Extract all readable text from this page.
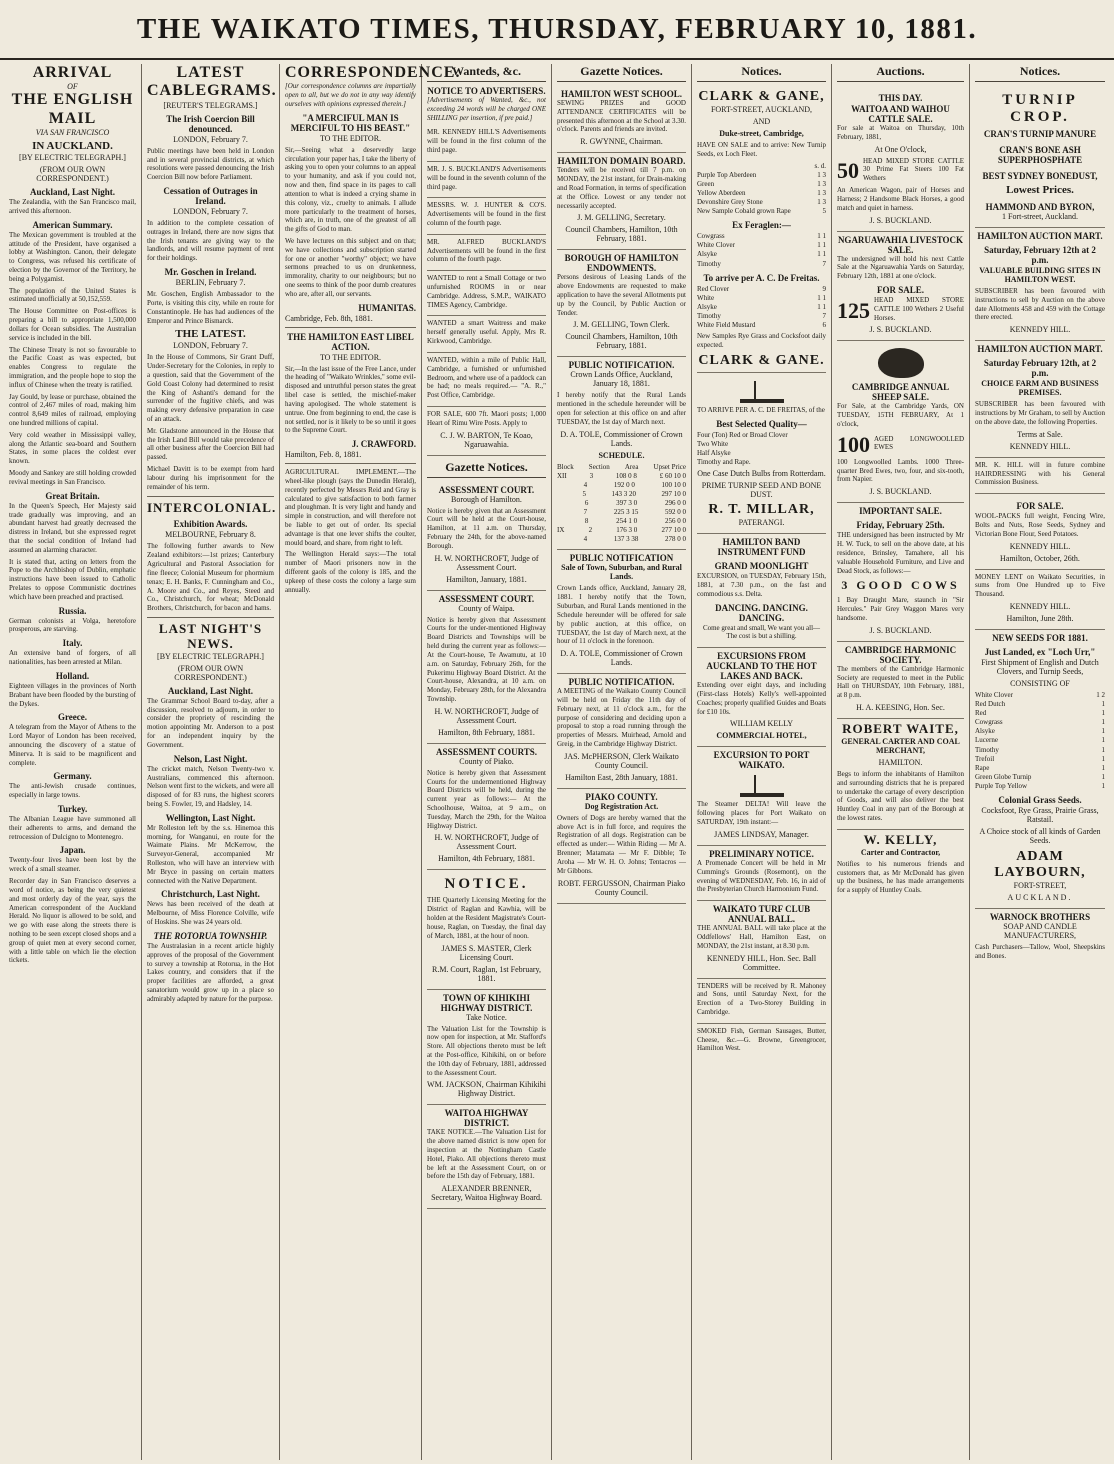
THE WAIKATO TIMES, THURSDAY, FEBRUARY 10, 1881.
ARRIVAL
OF
THE ENGLISH MAIL
VIA SAN FRANCISCO
IN AUCKLAND.
[BY ELECTRIC TELEGRAPH.]
(FROM OUR OWN CORRESPONDENT.)
Auckland, Last Night.

The Zealandia, with the San Francisco mail, arrived this afternoon.

American Summary.

The Mexican government is troubled at the attitude of the President, have organised a lobby at Washington. Canon, their delegate to Congress, was refused his certificate of election by the Governor of the Territory, he being a Polygamist.

The population of the United States is estimated unofficially at 50,152,559.

The House Committee on Post-offices is preparing a bill to appropriate 1,500,000 dollars for Ocean subsidies. The Australian service is included in the bill.

The Chinese Treaty is not so favourable to the Pacific Coast as was expected, but enables Congress to regulate the immigration, and the people hope to stop the influx of Chinese when the treaty is ratified.

Jay Gould, by lease or purchase, obtained the control of 2,467 miles of road, making him control 8,649 miles of railroad, employing one hundred millions of capital.

Very cold weather in Mississippi valley, along the Atlantic sea-board and Southern States, in some places the coldest ever known.

Moody and Sankey are still holding crowded revival meetings in San Francisco.

Great Britain.

In the Queen's Speech, Her Majesty said trade gradually was improving, and an abundant harvest had greatly decreased the distress in Ireland, but she expressed regret that the social condition of Ireland had assumed an alarming character.

It is stated that, acting on letters from the Pope to the Archbishop of Dublin, emphatic instructions have been issued to Catholic Prelates to oppose Communistic doctrines which have been preached and practised.

Russia.

German colonists at Volga, heretofore prosperous, are starving.

Italy.

An extensive band of forgers, of all nationalities, has been arrested at Milan.

Holland.

Eighteen villages in the provinces of North Brabant have been flooded by the bursting of the Dykes.

Greece.

A telegram from the Mayor of Athens to the Lord Mayor of London has been received, announcing the discovery of a statue of Minerva. It is said to be magnificent and complete.

Germany.

The anti-Jewish crusade continues, especially in large towns.

Turkey.

The Albanian League have summoned all their adherents to arms, and demand the retrocession of Dulcigno to Montenegro.

Japan.

Twenty-four lives have been lost by the wreck of a small steamer.

Recorder day in San Francisco deserves a word of notice, as being the very quietest and most orderly day of the year, says the American correspondent of the Auckland Herald. No liquor is allowed to be sold, and we go with ease along the streets there is nothing to be seen except closed shops and a group of quiet men at every second corner, with a little table on which lie the election tickets.

LATEST CABLEGRAMS.
[REUTER'S TELEGRAMS.]
The Irish Coercion Bill denounced.
LONDON, February 7.

Public meetings have been held in London and in several provincial districts, at which resolutions were passed denouncing the Irish Coercion Bill now before Parliament.

Cessation of Outrages in Ireland.
LONDON, February 7.

In addition to the complete cessation of outrages in Ireland, there are now signs that the Irish tenants are giving way to the landlords, and will resume payment of rent for their holdings.

Mr. Goschen in Ireland.
BERLIN, February 7.

Mr. Goschen, English Ambassador to the Porte, is visiting this city, while en route for Constantinople. He has had audiences of the Emperor and Prince Bismarck.

THE LATEST.
LONDON, February 7.

In the House of Commons, Sir Grant Duff, Under-Secretary for the Colonies, in reply to a question, said that the Government of the Gold Coast Colony had determined to resist the King of Ashanti's demand for the surrender of the fugitive chiefs, and was making every defensive preparation in case of an attack.

Mr. Gladstone announced in the House that the Irish Land Bill would take precedence of all other business after the Coercion Bill had passed.

Michael Davitt is to be exempt from hard labour during his imprisonment for the remainder of his term.

INTERCOLONIAL.
Exhibition Awards.
MELBOURNE, February 8.

The following further awards to New Zealand exhibitors:—1st prizes; Canterbury Agricultural and Pastoral Association for fine fleece; Colonial Museum for phormium tenax; E. H. Banks, F. Cunningham and Co., A. Moore and Co., and Reyes, Steed and Co., Christchurch, for wheat; McDonald Brothers, Christchurch, for bacon and hams.

LAST NIGHT'S NEWS.
[BY ELECTRIC TELEGRAPH.]
(FROM OUR OWN CORRESPONDENT.)
Auckland, Last Night.

The Grammar School Board to-day, after a discussion, resolved to adjourn, in order to consider the propriety of rescinding the motion appointing Mr. Anderson to a post for an independent inquiry by the Government.

Nelson, Last Night.

The cricket match, Nelson Twenty-two v. Australians, commenced this afternoon. Nelson went first to the wickets, and were all disposed of for 83 runs, the highest scorers being S. Fowler, 19, and Hadsley, 14.

Wellington, Last Night.

Mr Rolleston left by the s.s. Hinemoa this morning, for Wanganui, en route for the Waimate Plains. Mr McKerrow, the Surveyor-General, accompanied Mr Rolleston, who will have an interview with Mr Bryce in passing on certain matters connected with the Native Department.

Christchurch, Last Night.

News has been received of the death at Melbourne, of Miss Florence Colville, wife of Hoskins. She was 24 years old.

THE ROTORUA TOWNSHIP.

The Australasian in a recent article highly approves of the proposal of the Government to survey a township at Rotorua, in the Hot Lakes country, and considers that if the proper facilities are afforded, a great sanatorium would grow up in a place so admirably adapted by nature for the purpose.

CORRESPONDENCE.

[Our correspondence columns are impartially open to all, but we do not in any way identify ourselves with opinions expressed therein.]

"A MERCIFUL MAN IS MERCIFUL TO HIS BEAST."
TO THE EDITOR.

Sir,—Seeing what a deservedly large circulation your paper has, I take the liberty of asking you to open your columns to an appeal to your humanity, and ask if you could not, now and then, find space in its pages to call attention to what is indeed a crying shame in this colony, viz., cruelty to animals. I allude more particularly to the treatment of horses, which are, in truth, one of the greatest of all the gifts of God to man.

We have lectures on this subject and on that; we have collections and subscription started for one or another "worthy" object; we have sermons preached to us on drunkenness, immorality, charity to our neighbours; but no one seems to think of the poor dumb creatures who are, after all, our servants.

HUMANITAS.
Cambridge, Feb. 8th, 1881.
THE HAMILTON EAST LIBEL ACTION.
TO THE EDITOR.

Sir,—In the last issue of the Free Lance, under the heading of "Waikato Wrinkles," some evil-disposed and untruthful person states the great libel case is settled, the mischief-maker having apologised. The whole statement is untrue. One from beginning to end, the case is not settled, nor is it likely to be so until it goes to the Supreme Court.

J. CRAWFORD.
Hamilton, Feb. 8, 1881.

AGRICULTURAL IMPLEMENT.—The wheel-like plough (says the Dunedin Herald), recently perfected by Messrs Reid and Gray is calculated to give satisfaction to both farmer and ploughman. It is very light and handy and simple in construction, and will therefore not be liable to get out of order. Its special advantage is that one lever shifts the coulter, mould board, and share, from right to left.

The Wellington Herald says:—The total number of Maori prisoners now in the different gaols of the colony is 185, and the upkeep of these costs the colony a large sum annually.

Wanteds, &c.
NOTICE TO ADVERTISERS.

[Advertisements of Wanted, &c., not exceeding 24 words will be charged ONE SHILLING per insertion, if pre paid.]

MR. KENNEDY HILL'S Advertisements will be found in the first column of the third page.

MR. J. S. BUCKLAND'S Advertisements will be found in the seventh column of the third page.

MESSRS. W. J. HUNTER & CO'S. Advertisements will be found in the first column of the fourth page.

MR. ALFRED BUCKLAND'S Advertisements will be found in the first column of the fourth page.

WANTED to rent a Small Cottage or two unfurnished ROOMS in or near Cambridge. Address, S.M.P., WAIKATO TIMES Agency, Cambridge.

WANTED a smart Waitress and make herself generally useful. Apply, Mrs R. Kirkwood, Cambridge.

WANTED, within a mile of Public Hall, Cambridge, a furnished or unfurnished Bedroom, and where use of a paddock can be had; no meals required.— "A. R.," Post Office, Cambridge.

FOR SALE, 600 7ft. Maori posts; 1,000 Heart of Rimu Wire Posts. Apply to

C. J. W. BARTON, Te Koao, Ngaruawahia.
Gazette Notices.
ASSESSMENT COURT.
Borough of Hamilton.

Notice is hereby given that an Assessment Court will be held at the Court-house, Hamilton, at 11 a.m. on Thursday, February the 24th, for the above-named Borough.

H. W. NORTHCROFT, Judge of Assessment Court.
Hamilton, January, 1881.
ASSESSMENT COURT.
County of Waipa.

Notice is hereby given that Assessment Courts for the under-mentioned Highway Board Districts and Townships will be held during the current year as follows:— At the Court-house, Te Awamutu, at 10 a.m. on Saturday, February 26th, for the Pukerimu Highway Board District. At the Court-house, Alexandra, at 10 a.m. on Monday, February 28th, for the Alexandra Township.

H. W. NORTHCROFT, Judge of Assessment Court.
Hamilton, 8th February, 1881.
ASSESSMENT COURTS.
County of Piako.

Notice is hereby given that Assessment Courts for the undermentioned Highway Board Districts will be held, during the current year as follows:— At the Schoolhouse, Waitoa, at 9 a.m., on Tuesday, March the 29th, for the Waitoa Highway District.

H. W. NORTHCROFT, Judge of Assessment Court.
Hamilton, 4th February, 1881.
NOTICE.

THE Quarterly Licensing Meeting for the District of Raglan and Kawhia, will be holden at the Resident Magistrate's Court-house, Raglan, on Tuesday, the final day of March, 1881, at the hour of noon.

JAMES S. MASTER, Clerk Licensing Court.
R.M. Court, Raglan, 1st February, 1881.
TOWN OF KIHIKIHI HIGHWAY DISTRICT.
Take Notice.

The Valuation List for the Township is now open for inspection, at Mr. Stafford's Store. All objections thereto must be left at the Post-office, Kihikihi, on or before the 10th day of February, 1881, addressed to the Assessment Court.

WM. JACKSON, Chairman Kihikihi Highway District.
WAITOA HIGHWAY DISTRICT.

TAKE NOTICE.—The Valuation List for the above named district is now open for inspection at the Nottingham Castle Hotel, Piako. All objections thereto must be left at the Assessment Court, on or before the 15th day of February, 1881.

ALEXANDER BRENNER, Secretary, Waitoa Highway Board.
Gazette Notices.
HAMILTON WEST SCHOOL.

SEWING PRIZES and GOOD ATTENDANCE CERTIFICATES will be presented this afternoon at the School at 3.30. o'clock. Parents and friends are invited.

R. GWYNNE, Chairman.
HAMILTON DOMAIN BOARD.

Tenders will be received till 7 p.m. on MONDAY, the 21st instant, for Drain-making and Road Formation, in terms of specification at the Office. Lowest or any tender not necessarily accepted.

J. M. GELLING, Secretary.
Council Chambers, Hamilton, 10th February, 1881.
BOROUGH OF HAMILTON ENDOWMENTS.

Persons desirous of Leasing Lands of the above Endowments are requested to make application to have the several Allotments put up by the Council, by Public Auction or Tender.

J. M. GELLING, Town Clerk.
Council Chambers, Hamilton, 10th February, 1881.
PUBLIC NOTIFICATION.
Crown Lands Office, Auckland, January 18, 1881.

I hereby notify that the Rural Lands mentioned in the schedule hereunder will be open for selection at this office on and after TUESDAY, the 1st day of March next.

D. A. TOLE, Commissioner of Crown Lands.
SCHEDULE.
Block Section Area Upset Price
XII	3	108 0 8	£ 60 10 0
4	192 0 0	100 10 0
5	143 3 20	297 10 0
6	397 3 0	296 0 0
7	225 3 15	592 0 0
8	254 1 0	256 0 0
IX	2	176 3 0	277 10 0
4	137 3 38	278 0 0
PUBLIC NOTIFICATION
Sale of Town, Suburban, and Rural Lands.

Crown Lands office, Auckland, January 28, 1881. I hereby notify that the Town, Suburban, and Rural Lands mentioned in the Schedule hereunder will be offered for sale by public auction, at this office, on TUESDAY, the 1st day of March next, at the hour of 11 o'clock in the forenoon.

D. A. TOLE, Commissioner of Crown Lands.
PUBLIC NOTIFICATION.

A MEETING of the Waikato County Council will be held on Friday the 11th day of February next, at 11 o'clock a.m., for the purpose of considering and deciding upon a proposal to stop a road running through the properties of Messrs. Muirhead, Arnold and Greig, in the Cambridge Highway District.

JAS. McPHERSON, Clerk Waikato County Council.
Hamilton East, 28th January, 1881.
PIAKO COUNTY.
Dog Registration Act.

Owners of Dogs are hereby warned that the above Act is in full force, and requires the Registration of all dogs. Registration can be effected as under:— Within Riding — Mr A. Brenner; Matamata — Mr F. Dibble; Te Aroha — Mr W. H. O. Johns; Tentacros — Mr Gibbons.

ROBT. FERGUSSON, Chairman Piako County Council.
Notices.
CLARK & GANE,
FORT-STREET, AUCKLAND,
AND
Duke-street, Cambridge,

HAVE ON SALE and to arrive: New Turnip Seeds, ex Loch Fleet.

s. d.
Purple Top Aberdeen	1 3
Green	1 3
Yellow Aberdeen	1 3
Devonshire Grey Stone	1 3
New Sample Cobald grown Rape	5
Ex Feraglen:—
Cowgrass	1 1
White Clover	1 1
Alsyke	1 1
Timothy	7
To arrive per A. C. De Freitas.
Red Clover	9
White	1 1
Alsyke	1 1
Timothy	7
White Field Mustard	6

New Samples Rye Grass and Cocksfoot daily expected.

CLARK & GANE.

TO ARRIVE PER A. C. DE FREITAS, of the

Best Selected Quality—
Four (Ton) Red or Broad Clover
Two White
Half Alsyke
Timothy and Rape.
One Case Dutch Bulbs from Rotterdam.
PRIME TURNIP SEED AND BONE DUST.
R. T. MILLAR,
PATERANGI.
HAMILTON BAND INSTRUMENT FUND
GRAND MOONLIGHT

EXCURSION, on TUESDAY, February 15th, 1881, at 7.30 p.m., on the fast and commodious s.s. Delta.

DANCING. DANCING. DANCING.

Come great and small, We want you all— The cost is but a shilling.

EXCURSIONS FROM AUCKLAND TO THE HOT LAKES AND BACK.

Extending over eight days, and including (First-class Hotels) Kelly's well-appointed Coaches; properly qualified Guides and Boats for £10 10s.

WILLIAM KELLY
COMMERCIAL HOTEL,
EXCURSION TO PORT WAIKATO.

The Steamer DELTA! Will leave the following places for Port Waikato on SATURDAY, 19th instant:—

JAMES LINDSAY, Manager.
PRELIMINARY NOTICE.

A Promenade Concert will be held in Mr Cumming's Grounds (Rosemont), on the evening of WEDNESDAY, Feb. 16, in aid of the Presbyterian Church Harmonium Fund.

WAIKATO TURF CLUB ANNUAL BALL.

THE ANNUAL BALL will take place at the Oddfellows' Hall, Hamilton East, on MONDAY, the 21st instant, at 8.30 p.m.

KENNEDY HILL, Hon. Sec. Ball Committee.

TENDERS will be received by R. Mahoney and Sons, until Saturday Next, for the Erection of a Two-Storey Building in Cambridge.

SMOKED Fish, German Sausages, Butter, Cheese, &c.—G. Browne, Greengrocer, Hamilton West.

Auctions.
THIS DAY.
WAITOA AND WAIHOU CATTLE SALE.

For sale at Waitoa on Thursday, 10th February, 1881,

At One O'clock,
50 HEAD MIXED STORE CATTLE 30 Prime Fat Steers 100 Fat Wethers

An American Wagon, pair of Horses and Harness; 2 Handsome Black Horses, a good match and quiet in harness.

J. S. BUCKLAND.
NGARUAWAHIA LIVESTOCK SALE.

The undersigned will hold his next Cattle Sale at the Ngaruawahia Yards on Saturday, February 12th, 1881 at one o'clock.

FOR SALE.
125 HEAD MIXED STORE CATTLE 100 Wethers 2 Useful Horses.
J. S. BUCKLAND.
CAMBRIDGE ANNUAL SHEEP SALE.

For Sale, at the Cambridge Yards, ON TUESDAY, 15TH FEBRUARY, At 1 o'clock,

100 AGED LONGWOOLLED EWES

100 Longwoolled Lambs. 1000 Three-quarter Bred Ewes, two, four, and six-tooth, from Napier.

J. S. BUCKLAND.
IMPORTANT SALE.
Friday, February 25th.

THE undersigned has been instructed by Mr H. W. Tuck, to sell on the above date, at his residence, Brinsley, Tamahere, all his valuable Household Furniture, and Live and Dead Stock, as follows:—

3 GOOD COWS

1 Bay Draught Mare, staunch in "Sir Hercules." Pair Grey Waggon Mares very handsome.

J. S. BUCKLAND.
CAMBRIDGE HARMONIC SOCIETY.

The members of the Cambridge Harmonic Society are requested to meet in the Public Hall on THURSDAY, 10th February, 1881, at 8 p.m.

H. A. KEESING, Hon. Sec.
ROBERT WAITE,
GENERAL CARTER AND COAL MERCHANT,
HAMILTON.

Begs to inform the inhabitants of Hamilton and surrounding districts that he is prepared to undertake the cartage of every description of Goods, and will also deliver the best Huntley Coal in any part of the Borough at the lowest rates.

W. KELLY,
Carter and Contractor,

Notifies to his numerous friends and customers that, as Mr McDonald has given up the business, he has made arrangements for a supply of Huntley Coals.

Notices.
TURNIP CROP.
CRAN'S TURNIP MANURE
CRAN'S BONE ASH SUPERPHOSPHATE
BEST SYDNEY BONEDUST,
Lowest Prices.
HAMMOND AND BYRON,
1 Fort-street, Auckland.
HAMILTON AUCTION MART.
Saturday, February 12th at 2 p.m.
VALUABLE BUILDING SITES IN HAMILTON WEST.

SUBSCRIBER has been favoured with instructions to sell by Auction on the above date Allotments 458 and 459 with the Cottage there erected.

KENNEDY HILL.
HAMILTON AUCTION MART.
Saturday February 12th, at 2 p.m.
CHOICE FARM AND BUSINESS PREMISES.

SUBSCRIBER has been favoured with instructions by Mr Graham, to sell by Auction on the above date, the following Properties.

Terms at Sale.
KENNEDY HILL.

MR. K. HILL will in future combine HAIRDRESSING with his General Commission Business.

FOR SALE.

WOOL-PACKS full weight, Fencing Wire, Bolts and Nuts, Rose Seeds, Sydney and Victorian Bone Flour, Seed Potatoes.

KENNEDY HILL.
Hamilton, October, 26th.

MONEY LENT on Waikato Securities, in sums from One Hundred up to Five Thousand.

KENNEDY HILL.
Hamilton, June 28th.
NEW SEEDS FOR 1881.
Just Landed, ex "Loch Urr,"
First Shipment of English and Dutch Clovers, and Turnip Seeds,
CONSISTING OF
White Clover	1 2
Red Dutch	1
Red	1
Cowgrass	1
Alsyke	1
Lucerne	1
Timothy	1
Trefoil	1
Rape	1
Green Globe Turnip	1
Purple Top Yellow	1
Colonial Grass Seeds.
Cocksfoot, Rye Grass, Prairie Grass, Ratstail.
A Choice stock of all kinds of Garden Seeds.
ADAM LAYBOURN,
FORT-STREET,
AUCKLAND.
WARNOCK BROTHERS
SOAP AND CANDLE MANUFACTURERS,

Cash Purchasers—Tallow, Wool, Sheepskins and Bones.
